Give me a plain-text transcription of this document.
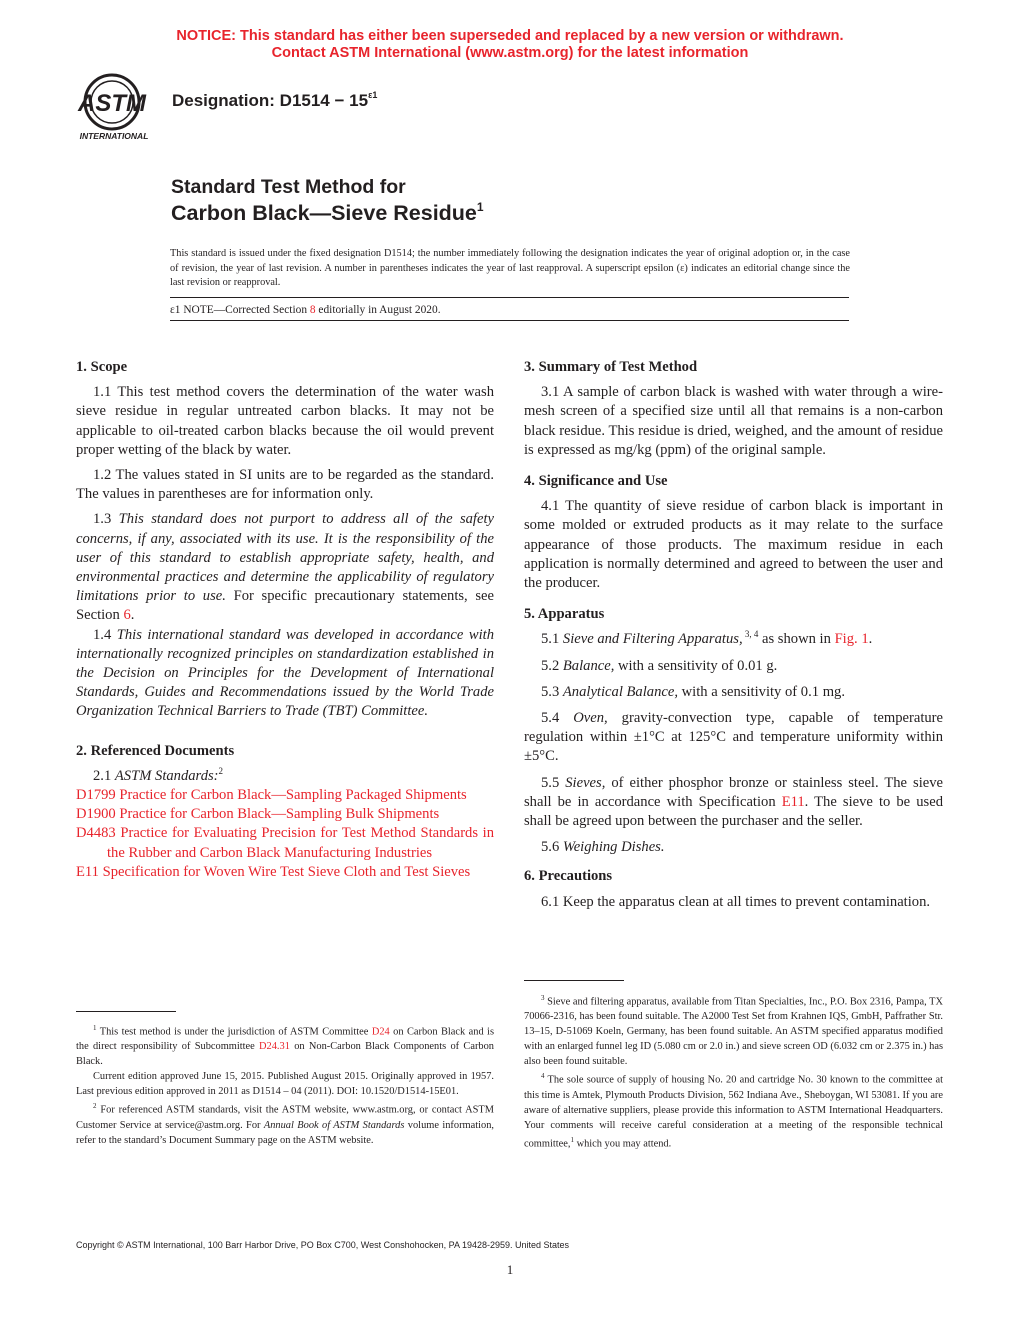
NOTICE: This standard has either been superseded and replaced by a new version or withdrawn.
Contact ASTM International (www.astm.org) for the latest information
ASTM
INTERNATIONAL
Designation: $D1514 - 15^{\varepsilon 1}$
Standard Test Method for
Carbon Black—Sieve Residue$^1$
This standard is issued under the fixed designation D1514; the number immediately following the designation indicates the year of original adoption or, in the case of revision, the year of last revision. A number in parentheses indicates the year of last reapproval. A superscript epsilon (ε) indicates an editorial change since the last revision or reapproval.
ε1 NOTE—Corrected Section 8 editorially in August 2020.

1. Scope

1.1 This test method covers the determination of the water wash sieve residue in regular untreated carbon blacks. It may not be applicable to oil-treated carbon blacks because the oil would prevent proper wetting of the black by water.

1.2 The values stated in SI units are to be regarded as the standard. The values in parentheses are for information only.

1.3 This standard does not purport to address all of the safety concerns, if any, associated with its use. It is the responsibility of the user of this standard to establish appropriate safety, health, and environmental practices and determine the applicability of regulatory limitations prior to use. For specific precautionary statements, see Section 6.

1.4 This international standard was developed in accordance with internationally recognized principles on standardization established in the Decision on Principles for the Development of International Standards, Guides and Recommendations issued by the World Trade Organization Technical Barriers to Trade (TBT) Committee.

2. Referenced Documents

2.1 ASTM Standards:$^2$

D1799 Practice for Carbon Black—Sampling Packaged Shipments

D1900 Practice for Carbon Black—Sampling Bulk Shipments

D4483 Practice for Evaluating Precision for Test Method Standards in the Rubber and Carbon Black Manufacturing Industries

E11 Specification for Woven Wire Test Sieve Cloth and Test Sieves

3. Summary of Test Method

3.1 A sample of carbon black is washed with water through a wire-mesh screen of a specified size until all that remains is a non-carbon black residue. This residue is dried, weighed, and the amount of residue is expressed as mg/kg (ppm) of the original sample.

4. Significance and Use

4.1 The quantity of sieve residue of carbon black is important in some molded or extruded products as it may relate to the surface appearance of those products. The maximum residue in each application is normally determined and agreed to between the user and the producer.

5. Apparatus

5.1 Sieve and Filtering Apparatus, $^{3, 4}$ as shown in Fig. 1.

5.2 Balance, with a sensitivity of 0.01 g.

5.3 Analytical Balance, with a sensitivity of 0.1 mg.

5.4 Oven, gravity-convection type, capable of temperature regulation within ±1°C at 125°C and temperature uniformity within ±5°C.

5.5 Sieves, of either phosphor bronze or stainless steel. The sieve shall be in accordance with Specification E11. The sieve to be used shall be agreed upon between the purchaser and the seller.

5.6 Weighing Dishes.

6. Precautions

6.1 Keep the apparatus clean at all times to prevent contamination.

$^1$ This test method is under the jurisdiction of ASTM Committee D24 on Carbon Black and is the direct responsibility of Subcommittee D24.31 on Non-Carbon Black Components of Carbon Black.

Current edition approved June 15, 2015. Published August 2015. Originally approved in 1957. Last previous edition approved in 2011 as D1514 – 04 (2011). DOI: 10.1520/D1514-15E01.

$^2$ For referenced ASTM standards, visit the ASTM website, www.astm.org, or contact ASTM Customer Service at service@astm.org. For Annual Book of ASTM Standards volume information, refer to the standard’s Document Summary page on the ASTM website.

$^3$ Sieve and filtering apparatus, available from Titan Specialties, Inc., P.O. Box 2316, Pampa, TX 70066-2316, has been found suitable. The A2000 Test Set from Krahnen IQS, GmbH, Paffrather Str. 13–15, D-51069 Koeln, Germany, has been found suitable. An ASTM specified apparatus modified with an enlarged funnel leg ID (5.080 cm or 2.0 in.) and sieve screen OD (6.032 cm or 2.375 in.) has also been found suitable.

$^4$ The sole source of supply of housing No. 20 and cartridge No. 30 known to the committee at this time is Amtek, Plymouth Products Division, 562 Indiana Ave., Sheboygan, WI 53081. If you are aware of alternative suppliers, please provide this information to ASTM International Headquarters. Your comments will receive careful consideration at a meeting of the responsible technical committee,$^1$ which you may attend.

Copyright © ASTM International, 100 Barr Harbor Drive, PO Box C700, West Conshohocken, PA 19428-2959. United States
1
